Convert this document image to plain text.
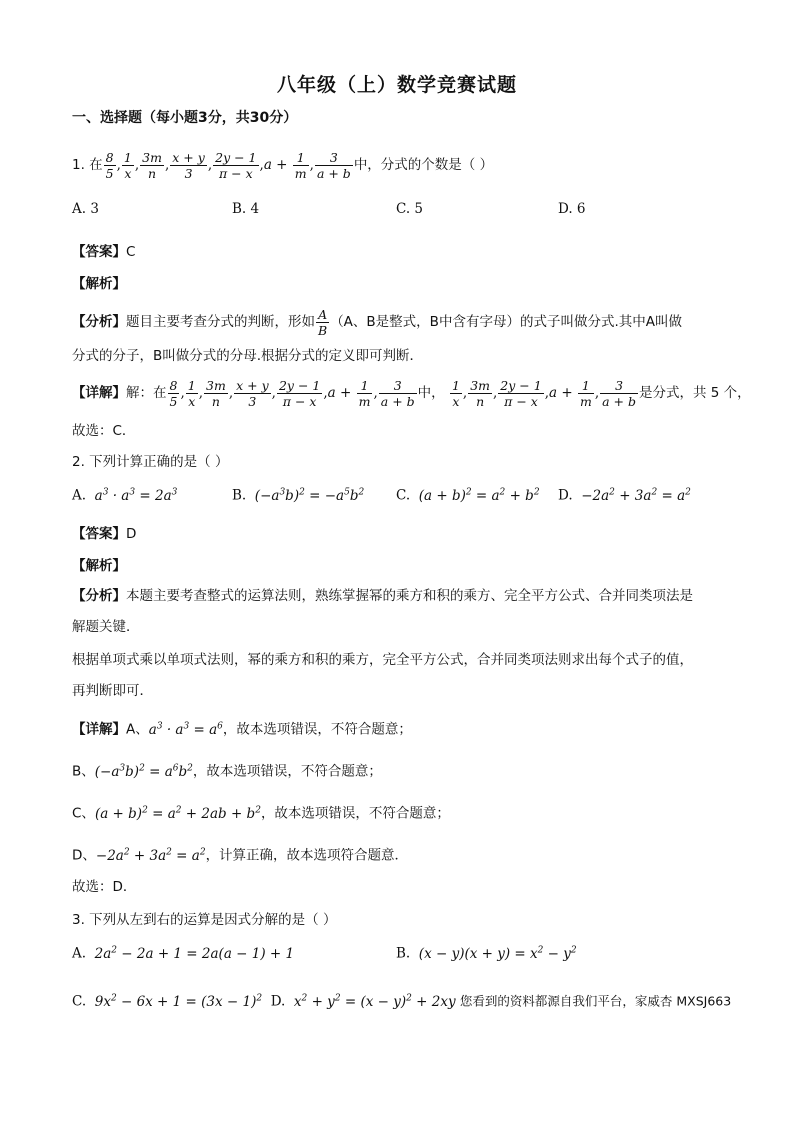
八年级（上）数学竞赛试题
一、选择题（每小题3分，共30分）
1. 在 $\frac{8}{5}$ , $\frac{1}{x}$ , $\frac{3m}{n}$ , $\frac{x + y}{3}$ , $\frac{2y - 1}{\pi - x} ,a + \frac{1}{m}$ , $\frac{3}{a + b}$ 中，分式的个数是（ ）
A. 3	B. 4	C. 5	D. 6
【答案】C
【解析】
【分析】题目主要考查分式的判断，形如 $\frac{A}{B} (A$、B是整式，B中含有字母）的式子叫做分式.其中A叫做
分式的分子，B叫做分式的分母.根据分式的定义即可判断．
【详解】解：在 $\frac{8}{5}$ , $\frac{1}{x}$ , $\frac{3m}{n}$ , $\frac{x + y}{3}$ , $\frac{2y - 1}{\pi - x} ,a + \frac{1}{m}$ , $\frac{3}{a + b}$ 中， $\frac{1}{x}$ , $\frac{3m}{n}$ , $\frac{2y - 1}{\pi - x} ,a + \frac{1}{m}$ , $\frac{3}{a + b}$ 是分式，共 5 个，
故选：C．
2. 下列计算正确的是（ ）
A.  $a^3 \cdot a^3 = 2a^3$	B.  $(-a^3b)^2 = -a^5b^2$ C.  $(a + b)^2 = a^2 + b^2$ D.  $-2a^2 + 3a^2 = a^2$
【答案】D
【解析】
【分析】本题主要考查整式的运算法则，熟练掌握幂的乘方和积的乘方、完全平方公式、合并同类项法是
解题关键．
根据单项式乘以单项式法则，幂的乘方和积的乘方，完全平方公式，合并同类项法则求出每个式子的值，
再判断即可．
【详解】A、$a^3 \cdot a^3 = a^6$，故本选项错误，不符合题意；
B、$(-a^3b)^2 = a^6b^2$，故本选项错误，不符合题意；
C、$(a + b)^2 = a^2 + 2ab + b^2$，故本选项错误，不符合题意；
D、$-2a^2 + 3a^2 = a^2$，计算正确，故本选项符合题意．
故选：D．
3. 下列从左到右的运算是因式分解的是（ ）
A.  $2a^2 - 2a + 1 = 2a(a - 1) + 1$	B.  $(x - y)(x + y) = x^2 - y^2$
C.  $9x^2 - 6x + 1 = (3x - 1)^2$  D.  $x^2 + y^2 = (x - y)^2 + 2xy$ 您看到的资料都源自我们平台，家威杏 MXSJ663
